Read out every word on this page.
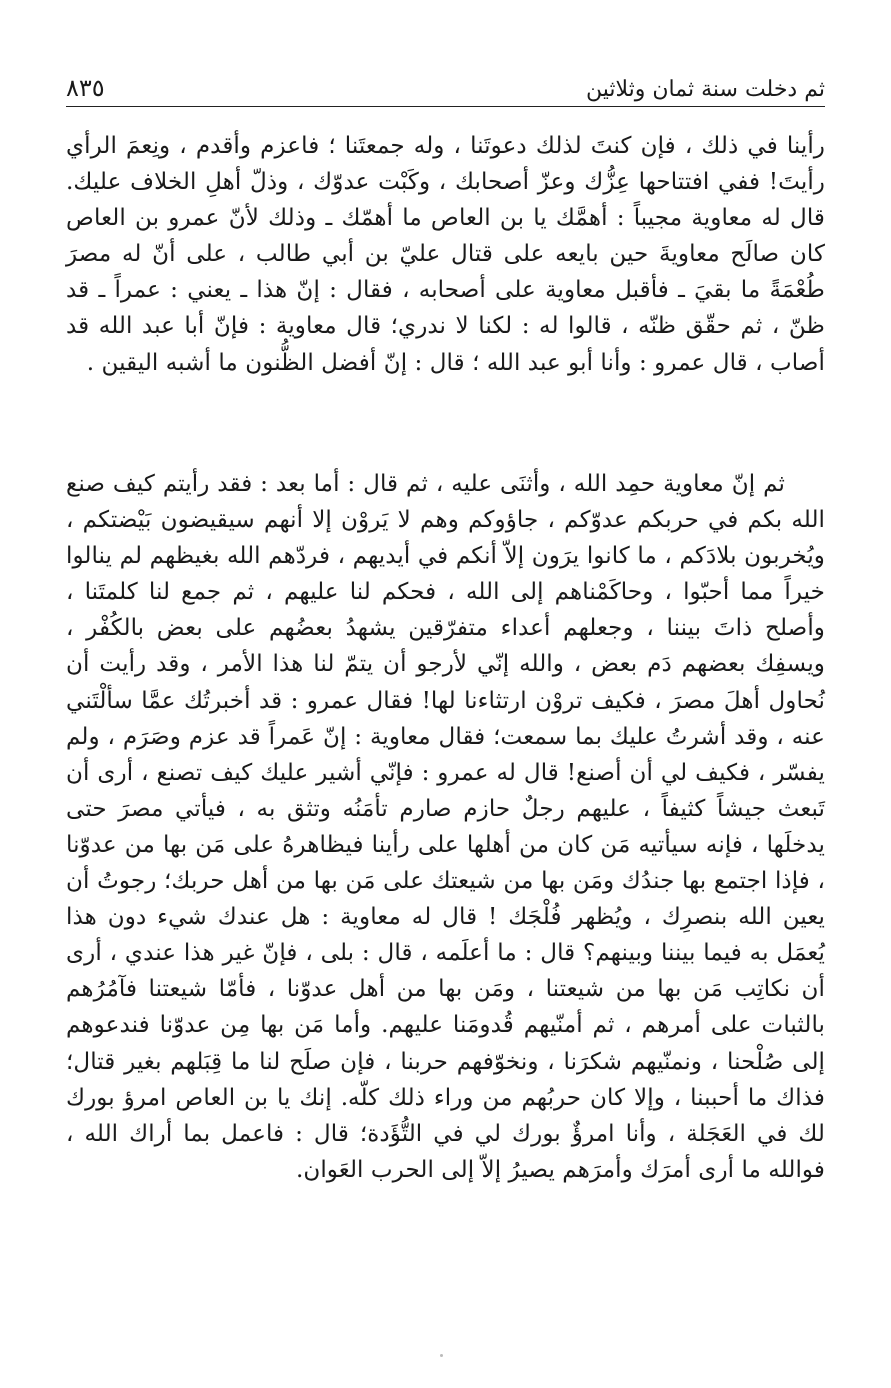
ثم دخلت سنة ثمان وثلاثين
٨٣٥

رأينا في ذلك ، فإن كنتَ لذلك دعوتَنا ، وله جمعتَنا ؛ فاعزم وأقدم ، ونِعمَ الرأي رأيتَ! ففي افتتاحها عِزُّك وعزّ أصحابك ، وكَبْت عدوّك ، وذلّ أهلِ الخلاف عليك. قال له معاوية مجيباً : أهمَّك يا بن العاص ما أهمّك ـ وذلك لأنّ عمرو بن العاص كان صالَح معاويةَ حين بايعه على قتال عليّ بن أبي طالب ، على أنّ له مصرَ طُعْمَةً ما بقيَ ـ فأقبل معاوية على أصحابه ، فقال : إنّ هذا ـ يعني : عمراً ـ قد ظنّ ، ثم حقّق ظنّه ، قالوا له : لكنا لا ندري؛ قال معاوية : فإنّ أبا عبد الله قد أصاب ، قال عمرو : وأنا أبو عبد الله ؛ قال : إنّ أفضل الظُّنون ما أشبه اليقين .

ثم إنّ معاوية حمِد الله ، وأثنَى عليه ، ثم قال : أما بعد : فقد رأيتم كيف صنع الله بكم في حربكم عدوّكم ، جاؤوكم وهم لا يَروْن إلا أنهم سيقيضون بَيْضتكم ، ويُخربون بلادَكم ، ما كانوا يرَون إلاّ أنكم في أيديهم ، فردّهم الله بغيظهم لم ينالوا خيراً مما أحبّوا ، وحاكَمْناهم إلى الله ، فحكم لنا عليهم ، ثم جمع لنا كلمتَنا ، وأصلح ذاتَ بيننا ، وجعلهم أعداء متفرّقين يشهدُ بعضُهم على بعض بالكُفْر ، ويسفِك بعضهم دَم بعض ، والله إنّي لأرجو أن يتمّ لنا هذا الأمر ، وقد رأيت أن نُحاول أهلَ مصرَ ، فكيف تروْن ارتثاءنا لها! فقال عمرو : قد أخبرتُك عمَّا سألْتَني عنه ، وقد أشرتُ عليك بما سمعت؛ فقال معاوية : إنّ عَمراً قد عزم وصَرَم ، ولم يفسّر ، فكيف لي أن أصنع! قال له عمرو : فإنّي أشير عليك كيف تصنع ، أرى أن تَبعث جيشاً كثيفاً ، عليهم رجلٌ حازم صارم تأمَنُه وتثق به ، فيأتي مصرَ حتى يدخلَها ، فإنه سيأتيه مَن كان من أهلها على رأينا فيظاهرهُ على مَن بها من عدوّنا ، فإذا اجتمع بها جندُك ومَن بها من شيعتك على مَن بها من أهل حربك؛ رجوتُ أن يعين الله بنصرِك ، ويُظهر فُلْجَك ! قال له معاوية : هل عندك شيء دون هذا يُعمَل به فيما بيننا وبينهم؟ قال : ما أعلَمه ، قال : بلى ، فإنّ غير هذا عندي ، أرى أن نكاتِب مَن بها من شيعتنا ، ومَن بها من أهل عدوّنا ، فأمّا شيعتنا فآمُرُهم بالثبات على أمرهم ، ثم أمنّيهم قُدومَنا عليهم. وأما مَن بها مِن عدوّنا فندعوهم إلى صُلْحنا ، ونمنّيهم شكرَنا ، ونخوّفهم حربنا ، فإن صلَح لنا ما قِبَلهم بغير قتال؛ فذاك ما أحببنا ، وإلا كان حربُهم من وراء ذلك كلّه. إنك يا بن العاص امرؤ بورك لك في العَجَلة ، وأنا امرؤٌ بورك لي في التُّؤَدة؛ قال : فاعمل بما أراك الله ، فوالله ما أرى أمرَك وأمرَهم يصيرُ إلاّ إلى الحرب العَوان.
